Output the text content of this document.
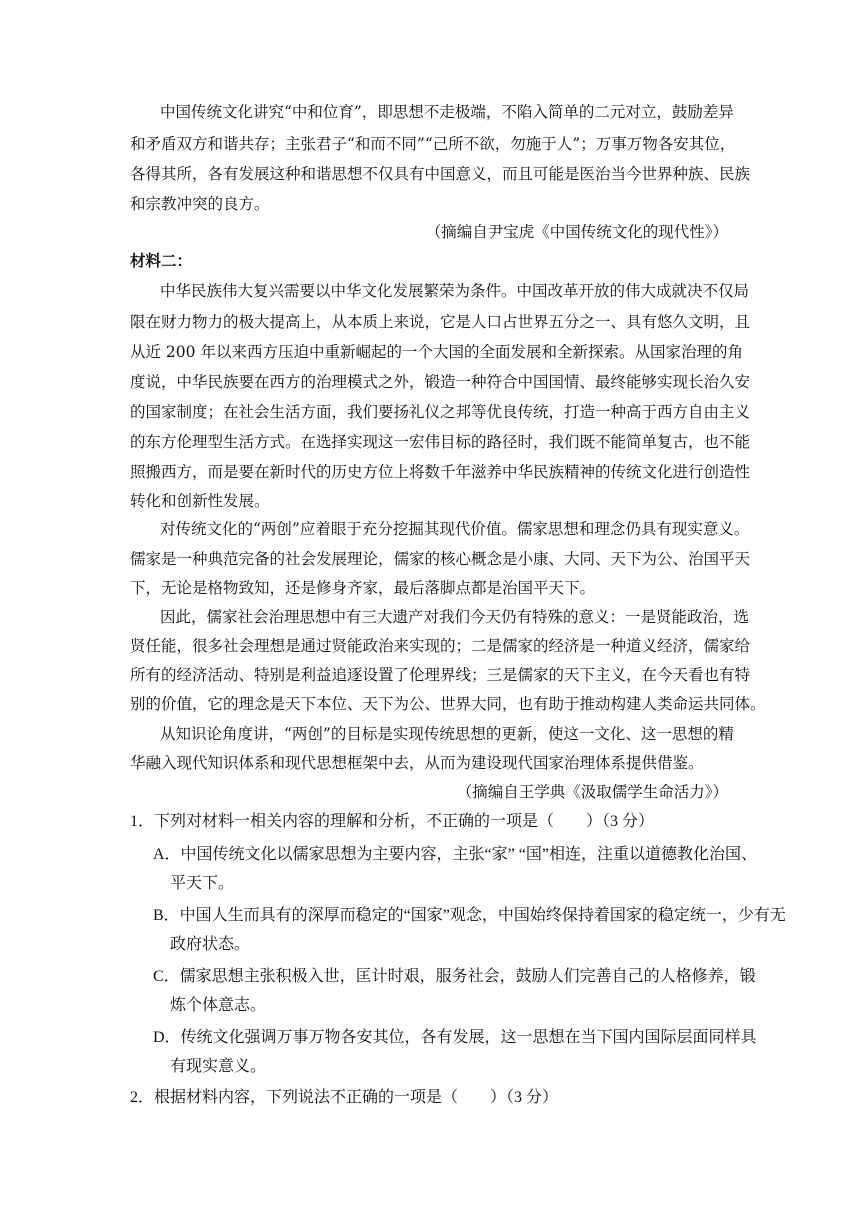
中国传统文化讲究“中和位育”，即思想不走极端，不陷入简单的二元对立，鼓励差异
和矛盾双方和谐共存；主张君子“和而不同”“己所不欲，勿施于人”；万事万物各安其位，
各得其所，各有发展这种和谐思想不仅具有中国意义，而且可能是医治当今世界种族、民族
和宗教冲突的良方。
（摘编自尹宝虎《中国传统文化的现代性》）
材料二：
中华民族伟大复兴需要以中华文化发展繁荣为条件。中国改革开放的伟大成就决不仅局
限在财力物力的极大提高上，从本质上来说，它是人口占世界五分之一、具有悠久文明，且
从近 200 年以来西方压迫中重新崛起的一个大国的全面发展和全新探索。从国家治理的角
度说，中华民族要在西方的治理模式之外，锻造一种符合中国国情、最终能够实现长治久安
的国家制度；在社会生活方面，我们要扬礼仪之邦等优良传统，打造一种高于西方自由主义
的东方伦理型生活方式。在选择实现这一宏伟目标的路径时，我们既不能简单复古，也不能
照搬西方，而是要在新时代的历史方位上将数千年滋养中华民族精神的传统文化进行创造性
转化和创新性发展。
对传统文化的“两创”应着眼于充分挖掘其现代价值。儒家思想和理念仍具有现实意义。
儒家是一种典范完备的社会发展理论，儒家的核心概念是小康、大同、天下为公、治国平天
下，无论是格物致知，还是修身齐家，最后落脚点都是治国平天下。
因此，儒家社会治理思想中有三大遗产对我们今天仍有特殊的意义：一是贤能政治，选
贤任能，很多社会理想是通过贤能政治来实现的；二是儒家的经济是一种道义经济，儒家给
所有的经济活动、特别是利益追逐设置了伦理界线；三是儒家的天下主义，在今天看也有特
别的价值，它的理念是天下本位、天下为公、世界大同，也有助于推动构建人类命运共同体。
从知识论角度讲，“两创”的目标是实现传统思想的更新，使这一文化、这一思想的精
华融入现代知识体系和现代思想框架中去，从而为建设现代国家治理体系提供借鉴。
（摘编自王学典《汲取儒学生命活力》）
1．下列对材料一相关内容的理解和分析，不正确的一项是（　　）（3 分）
A．中国传统文化以儒家思想为主要内容，主张“家” “国”相连，注重以道德教化治国、
平天下。
B．中国人生而具有的深厚而稳定的“国家”观念，中国始终保持着国家的稳定统一，少有无
政府状态。
C．儒家思想主张积极入世，匡计时艰，服务社会，鼓励人们完善自己的人格修养，锻
炼个体意志。
D．传统文化强调万事万物各安其位，各有发展，这一思想在当下国内国际层面同样具
有现实意义。
2．根据材料内容，下列说法不正确的一项是（　　）（3 分）
